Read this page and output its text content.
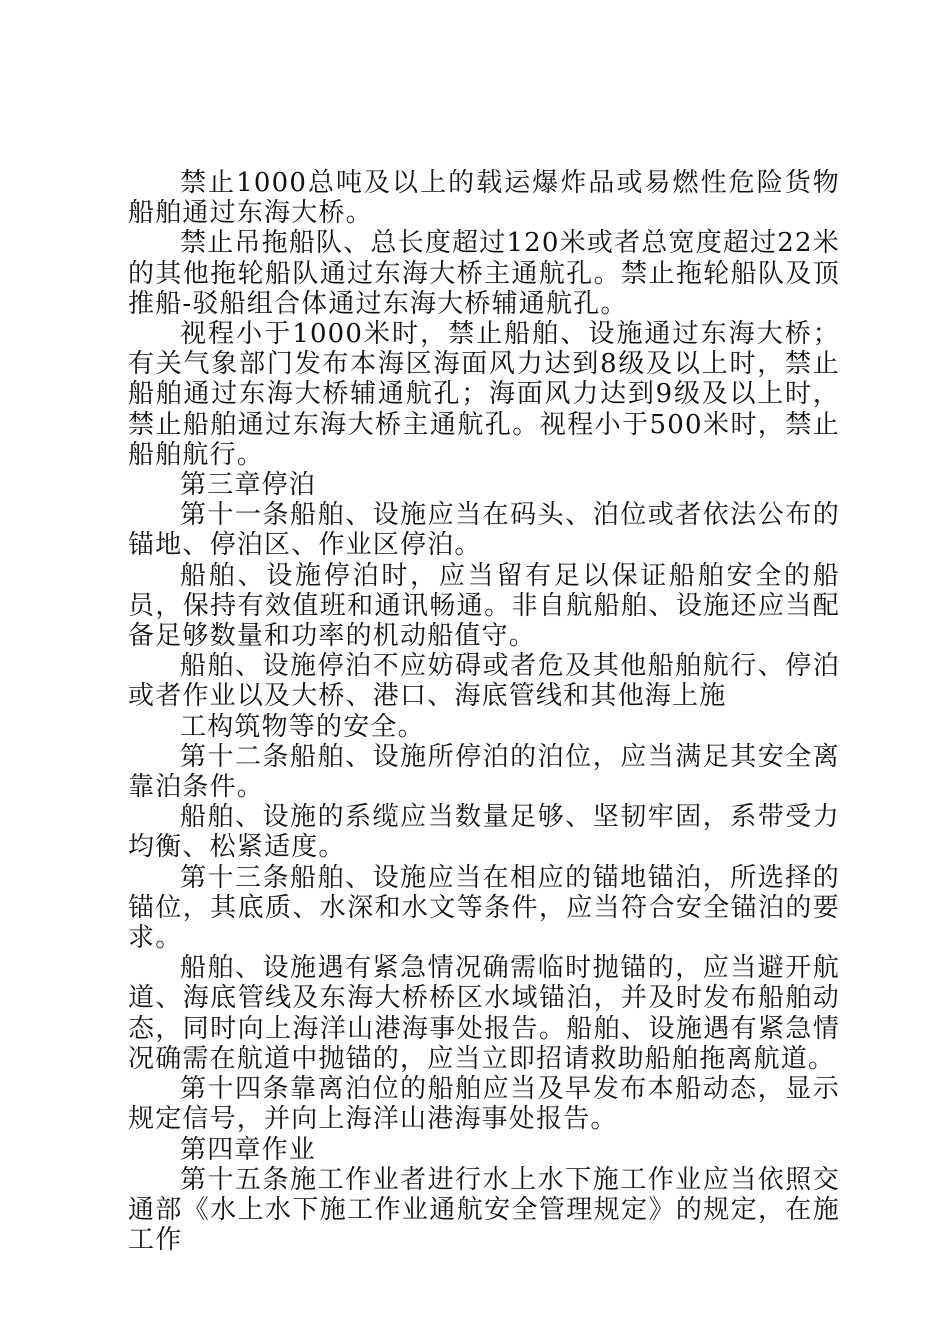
禁止1000总吨及以上的载运爆炸品或易燃性危险货物船舶通过东海大桥。

禁止吊拖船队、总长度超过120米或者总宽度超过22米的其他拖轮船队通过东海大桥主通航孔。禁止拖轮船队及顶推船-驳船组合体通过东海大桥辅通航孔。

视程小于1000米时，禁止船舶、设施通过东海大桥；有关气象部门发布本海区海面风力达到8级及以上时，禁止船舶通过东海大桥辅通航孔；海面风力达到9级及以上时，禁止船舶通过东海大桥主通航孔。视程小于500米时，禁止船舶航行。

第三章停泊

第十一条船舶、设施应当在码头、泊位或者依法公布的锚地、停泊区、作业区停泊。

船舶、设施停泊时，应当留有足以保证船舶安全的船员，保持有效值班和通讯畅通。非自航船舶、设施还应当配备足够数量和功率的机动船值守。

船舶、设施停泊不应妨碍或者危及其他船舶航行、停泊或者作业以及大桥、港口、海底管线和其他海上施

工构筑物等的安全。

第十二条船舶、设施所停泊的泊位，应当满足其安全离靠泊条件。

船舶、设施的系缆应当数量足够、坚韧牢固，系带受力均衡、松紧适度。

第十三条船舶、设施应当在相应的锚地锚泊，所选择的锚位，其底质、水深和水文等条件，应当符合安全锚泊的要求。

船舶、设施遇有紧急情况确需临时抛锚的，应当避开航道、海底管线及东海大桥桥区水域锚泊，并及时发布船舶动态，同时向上海洋山港海事处报告。船舶、设施遇有紧急情况确需在航道中抛锚的，应当立即招请救助船舶拖离航道。

第十四条靠离泊位的船舶应当及早发布本船动态，显示规定信号，并向上海洋山港海事处报告。

第四章作业

第十五条施工作业者进行水上水下施工作业应当依照交通部《水上水下施工作业通航安全管理规定》的规定，在施工作
